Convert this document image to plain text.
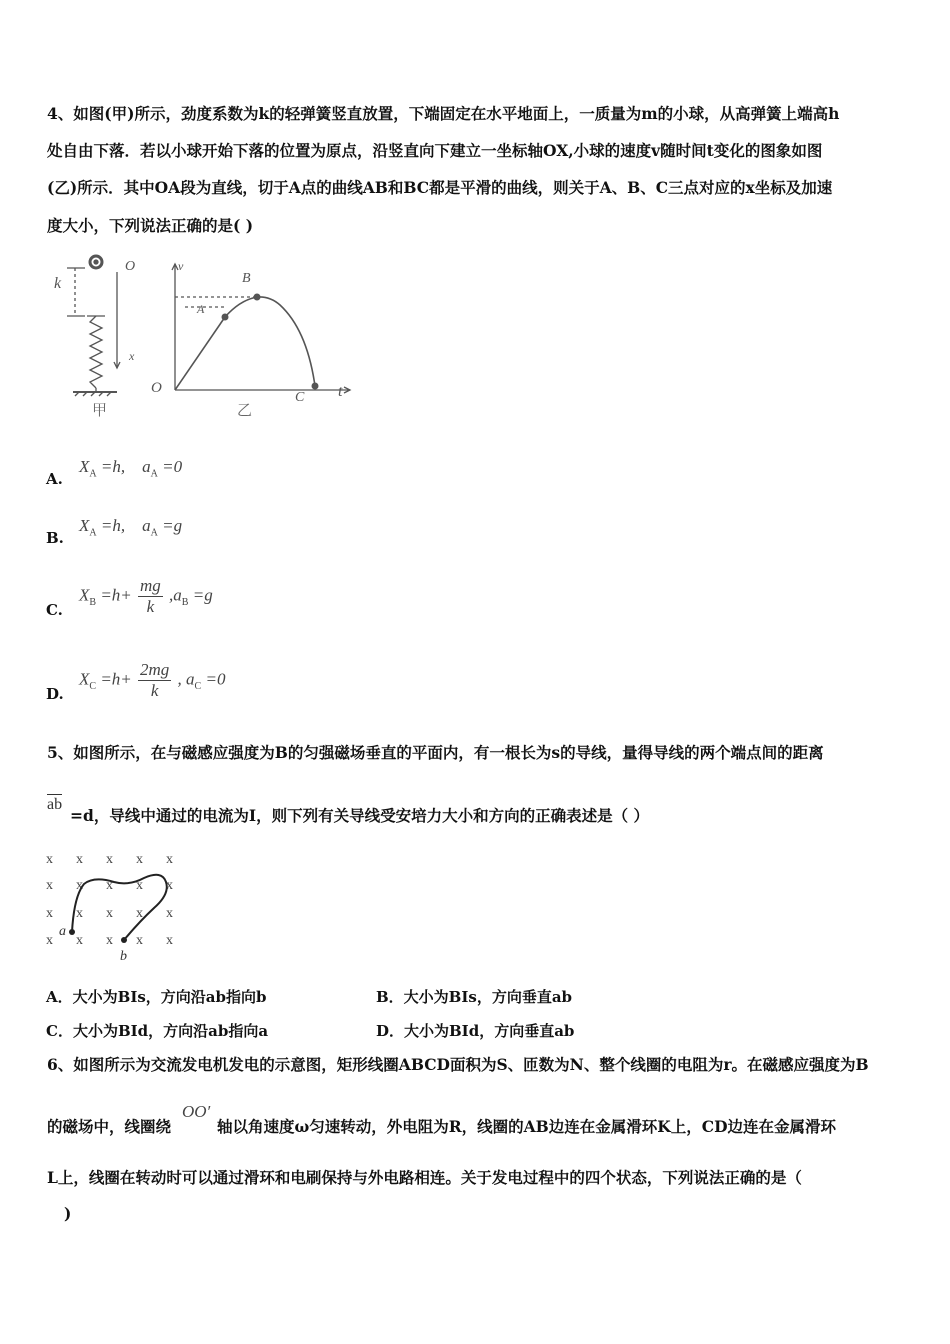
4、如图(甲)所示，劲度系数为k的轻弹簧竖直放置，下端固定在水平地面上，一质量为m的小球，从高弹簧上端高h
处自由下落．若以小球开始下落的位置为原点，沿竖直向下建立一坐标轴OX,小球的速度v随时间t变化的图象如图
(乙)所示．其中OA段为直线，切于A点的曲线AB和BC都是平滑的曲线，则关于A、B、C三点对应的x坐标及加速
度大小，下列说法正确的是( )
k
O
x
甲
v
t
O
A
B
C
乙
A.
$X_A =h$, $a_A =0$
B.
$X_A =h$, $a_A =g$
C.
$X_B =h+ \frac{mg}{k} ,a_B =g$
D.
$X_C =h+ \frac{2mg}{k}$ , $a_C =0$
5、如图所示，在与磁感应强度为B的匀强磁场垂直的平面内，有一根长为s的导线，量得导线的两个端点间的距离
ab
=d，导线中通过的电流为I，则下列有关导线受安培力大小和方向的正确表述是（ ）
x x x x x
x x x x x
x x x x x
x x x x x
a
b
A．大小为BIs，方向沿ab指向b	B．大小为BIs，方向垂直ab
C．大小为BId，方向沿ab指向a	D．大小为BId，方向垂直ab
6、如图所示为交流发电机发电的示意图，矩形线圈ABCD面积为S、匝数为N、整个线圈的电阻为r。在磁感应强度为B
的磁场中，线圈绕
OO′
轴以角速度ω匀速转动，外电阻为R，线圈的AB边连在金属滑环K上，CD边连在金属滑环
L上，线圈在转动时可以通过滑环和电刷保持与外电路相连。关于发电过程中的四个状态，下列说法正确的是（
)
